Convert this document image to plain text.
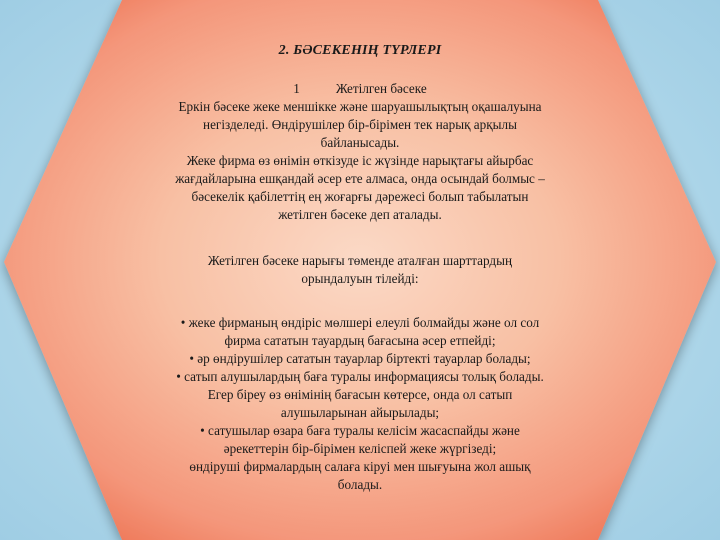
2. БӘСЕКЕНІҢ ТҮРЛЕРІ
1	Жетілген бәсеке
Еркін бәсеке жеке меншікке және шаруашылықтың оқашалуына
негізделеді. Өндірушілер бір-бірімен тек нарық арқылы
байланысады.
Жеке фирма өз өнімін өткізуде іс жүзінде нарықтағы айырбас
жағдайларына ешқандай әсер ете алмаса, онда осындай болмыс –
бәсекелік қабілеттің ең жоғарғы дәрежесі болып табылатын
жетілген бәсеке деп аталады.
Жетілген бәсеке нарығы төменде аталған шарттардың
орындалуын тілейді:
• жеке фирманың өндіріс мөлшері елеулі болмайды және ол сол
фирма сататын тауардың бағасына әсер етпейді;
• әр өндірушілер сататын тауарлар біртекті тауарлар болады;
• сатып алушылардың баға туралы информациясы толық болады.
Егер біреу өз өнімінің бағасын көтерсе, онда ол сатып
алушыларынан айырылады;
• сатушылар өзара баға туралы келісім жасаспайды және
әрекеттерін бір-бірімен келіспей жеке жүргізеді;
өндіруші фирмалардың салаға кіруі мен шығуына жол ашық
болады.
